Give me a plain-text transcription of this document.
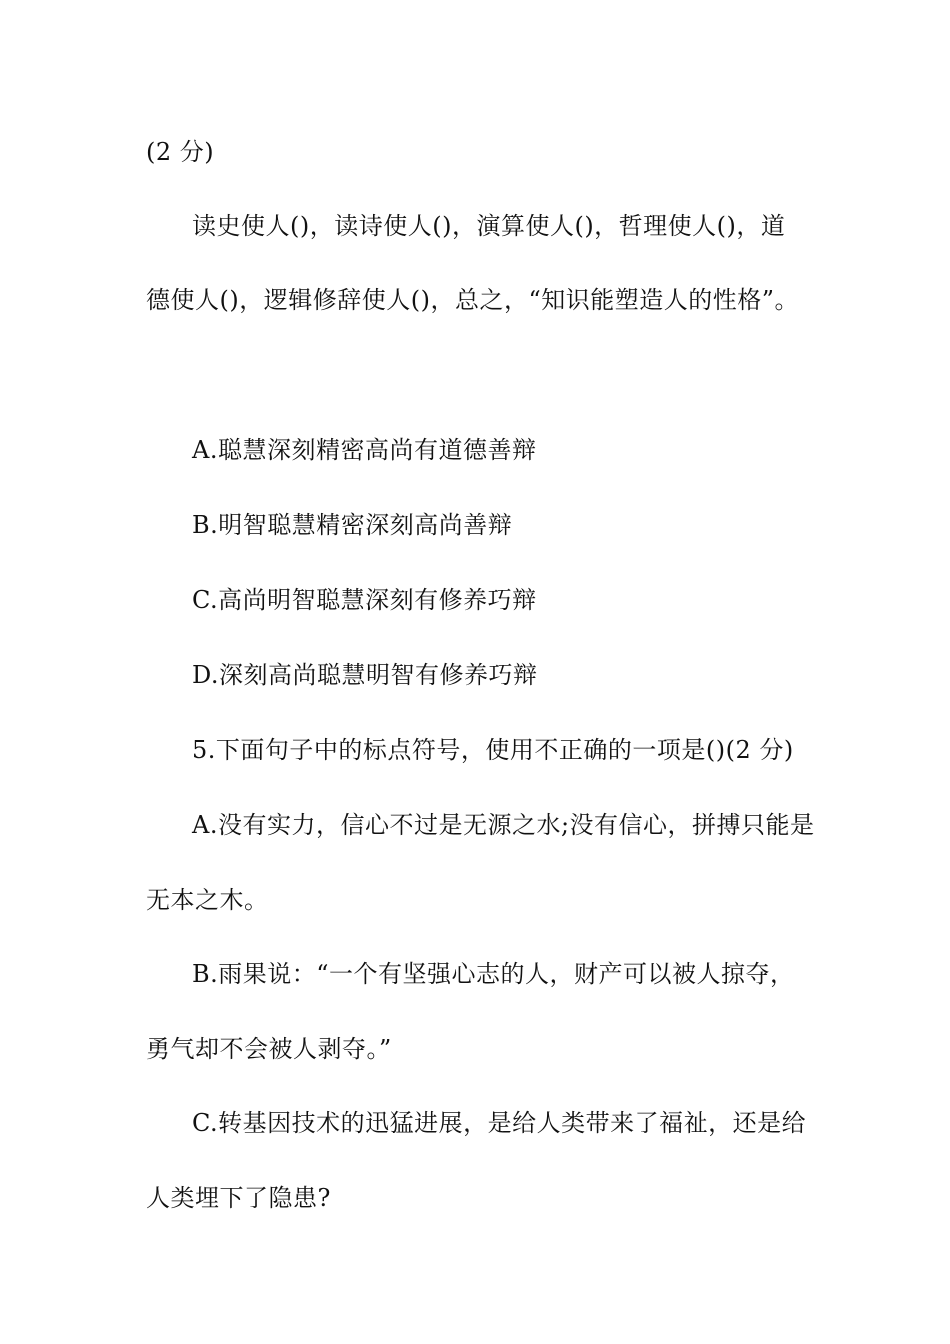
(2 分)
读史使人()，读诗使人()，演算使人()，哲理使人()，道
德使人()，逻辑修辞使人()，总之，“知识能塑造人的性格”。
A.聪慧深刻精密高尚有道德善辩
B.明智聪慧精密深刻高尚善辩
C.高尚明智聪慧深刻有修养巧辩
D.深刻高尚聪慧明智有修养巧辩
5.下面句子中的标点符号，使用不正确的一项是()(2 分)
A.没有实力，信心不过是无源之水;没有信心，拼搏只能是
无本之木。
B.雨果说：“一个有坚强心志的人，财产可以被人掠夺，
勇气却不会被人剥夺。”
C.转基因技术的迅猛进展，是给人类带来了福祉，还是给
人类埋下了隐患?
